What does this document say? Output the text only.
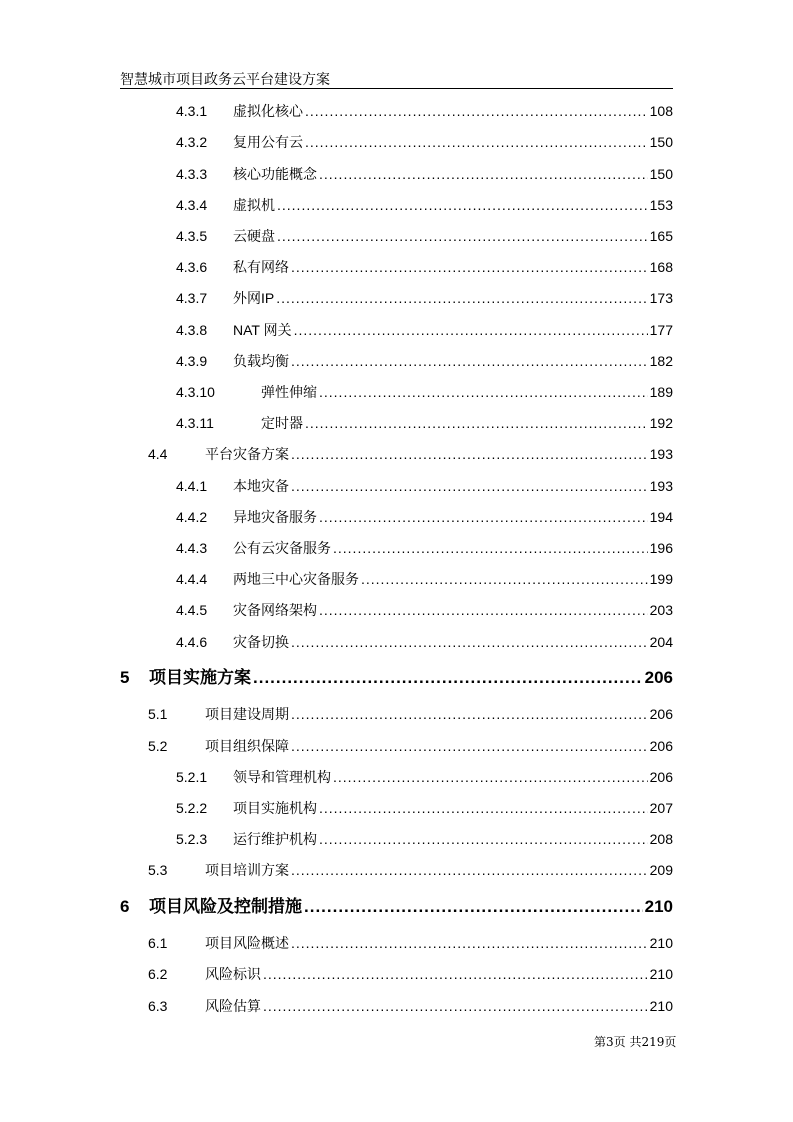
智慧城市项目政务云平台建设方案
4.3.1	虚拟化核心 .....	108
4.3.2	复用公有云 .....	150
4.3.3	核心功能概念 .....	150
4.3.4	虚拟机 .....	153
4.3.5	云硬盘 .....	165
4.3.6	私有网络 .....	168
4.3.7	外网IP .....	173
4.3.8	NAT 网关 .....	177
4.3.9	负载均衡 .....	182
4.3.10	弹性伸缩 .....	189
4.3.11	定时器 .....	192
4.4	平台灾备方案 .....	193
4.4.1	本地灾备 .....	193
4.4.2	异地灾备服务 .....	194
4.4.3	公有云灾备服务 .....	196
4.4.4	两地三中心灾备服务 .....	199
4.4.5	灾备网络架构 .....	203
4.4.6	灾备切换 .....	204
5	项目实施方案 .....	206
5.1	项目建设周期 .....	206
5.2	项目组织保障 .....	206
5.2.1	领导和管理机构 .....	206
5.2.2	项目实施机构 .....	207
5.2.3	运行维护机构 .....	208
5.3	项目培训方案 .....	209
6	项目风险及控制措施 .....	210
6.1	项目风险概述 .....	210
6.2	风险标识 .....	210
6.3	风险估算 .....	210
第3页 共219页
